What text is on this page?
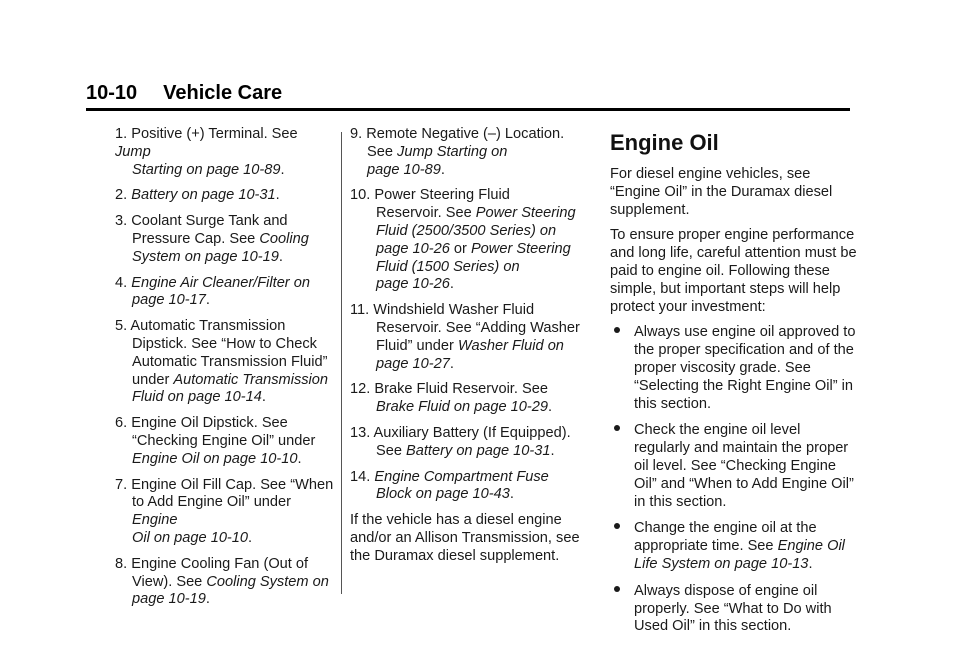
10-10 Vehicle Care
1. Positive (+) Terminal. See Jump
Starting on page 10‑89.
2. Battery on page 10‑31.
3. Coolant Surge Tank and
Pressure Cap. See Cooling
System on page 10‑19.
4. Engine Air Cleaner/Filter on
page 10‑17.
5. Automatic Transmission
Dipstick. See “How to Check
Automatic Transmission Fluid”
under Automatic Transmission
Fluid on page 10‑14.
6. Engine Oil Dipstick. See
“Checking Engine Oil” under
Engine Oil on page 10‑10.
7. Engine Oil Fill Cap. See “When
to Add Engine Oil” under Engine
Oil on page 10‑10.
8. Engine Cooling Fan (Out of
View). See Cooling System on
page 10‑19.
9. Remote Negative (–) Location.
See Jump Starting on
page 10‑89.
10. Power Steering Fluid
Reservoir. See Power Steering
Fluid (2500/3500 Series) on
page 10‑26 or Power Steering
Fluid (1500 Series) on
page 10‑26.
11. Windshield Washer Fluid
Reservoir. See “Adding Washer
Fluid” under Washer Fluid on
page 10‑27.
12. Brake Fluid Reservoir. See
Brake Fluid on page 10‑29.
13. Auxiliary Battery (If Equipped).
See Battery on page 10‑31.
14. Engine Compartment Fuse
Block on page 10‑43.

If the vehicle has a diesel engine and/or an Allison Transmission, see the Duramax diesel supplement.

Engine Oil

For diesel engine vehicles, see “Engine Oil” in the Duramax diesel supplement.

To ensure proper engine performance and long life, careful attention must be paid to engine oil. Following these simple, but important steps will help protect your investment:

Always use engine oil approved to the proper specification and of the proper viscosity grade. See “Selecting the Right Engine Oil” in this section.
Check the engine oil level regularly and maintain the proper oil level. See “Checking Engine Oil” and “When to Add Engine Oil” in this section.
Change the engine oil at the appropriate time. See Engine Oil Life System on page 10‑13.
Always dispose of engine oil properly. See “What to Do with Used Oil” in this section.
